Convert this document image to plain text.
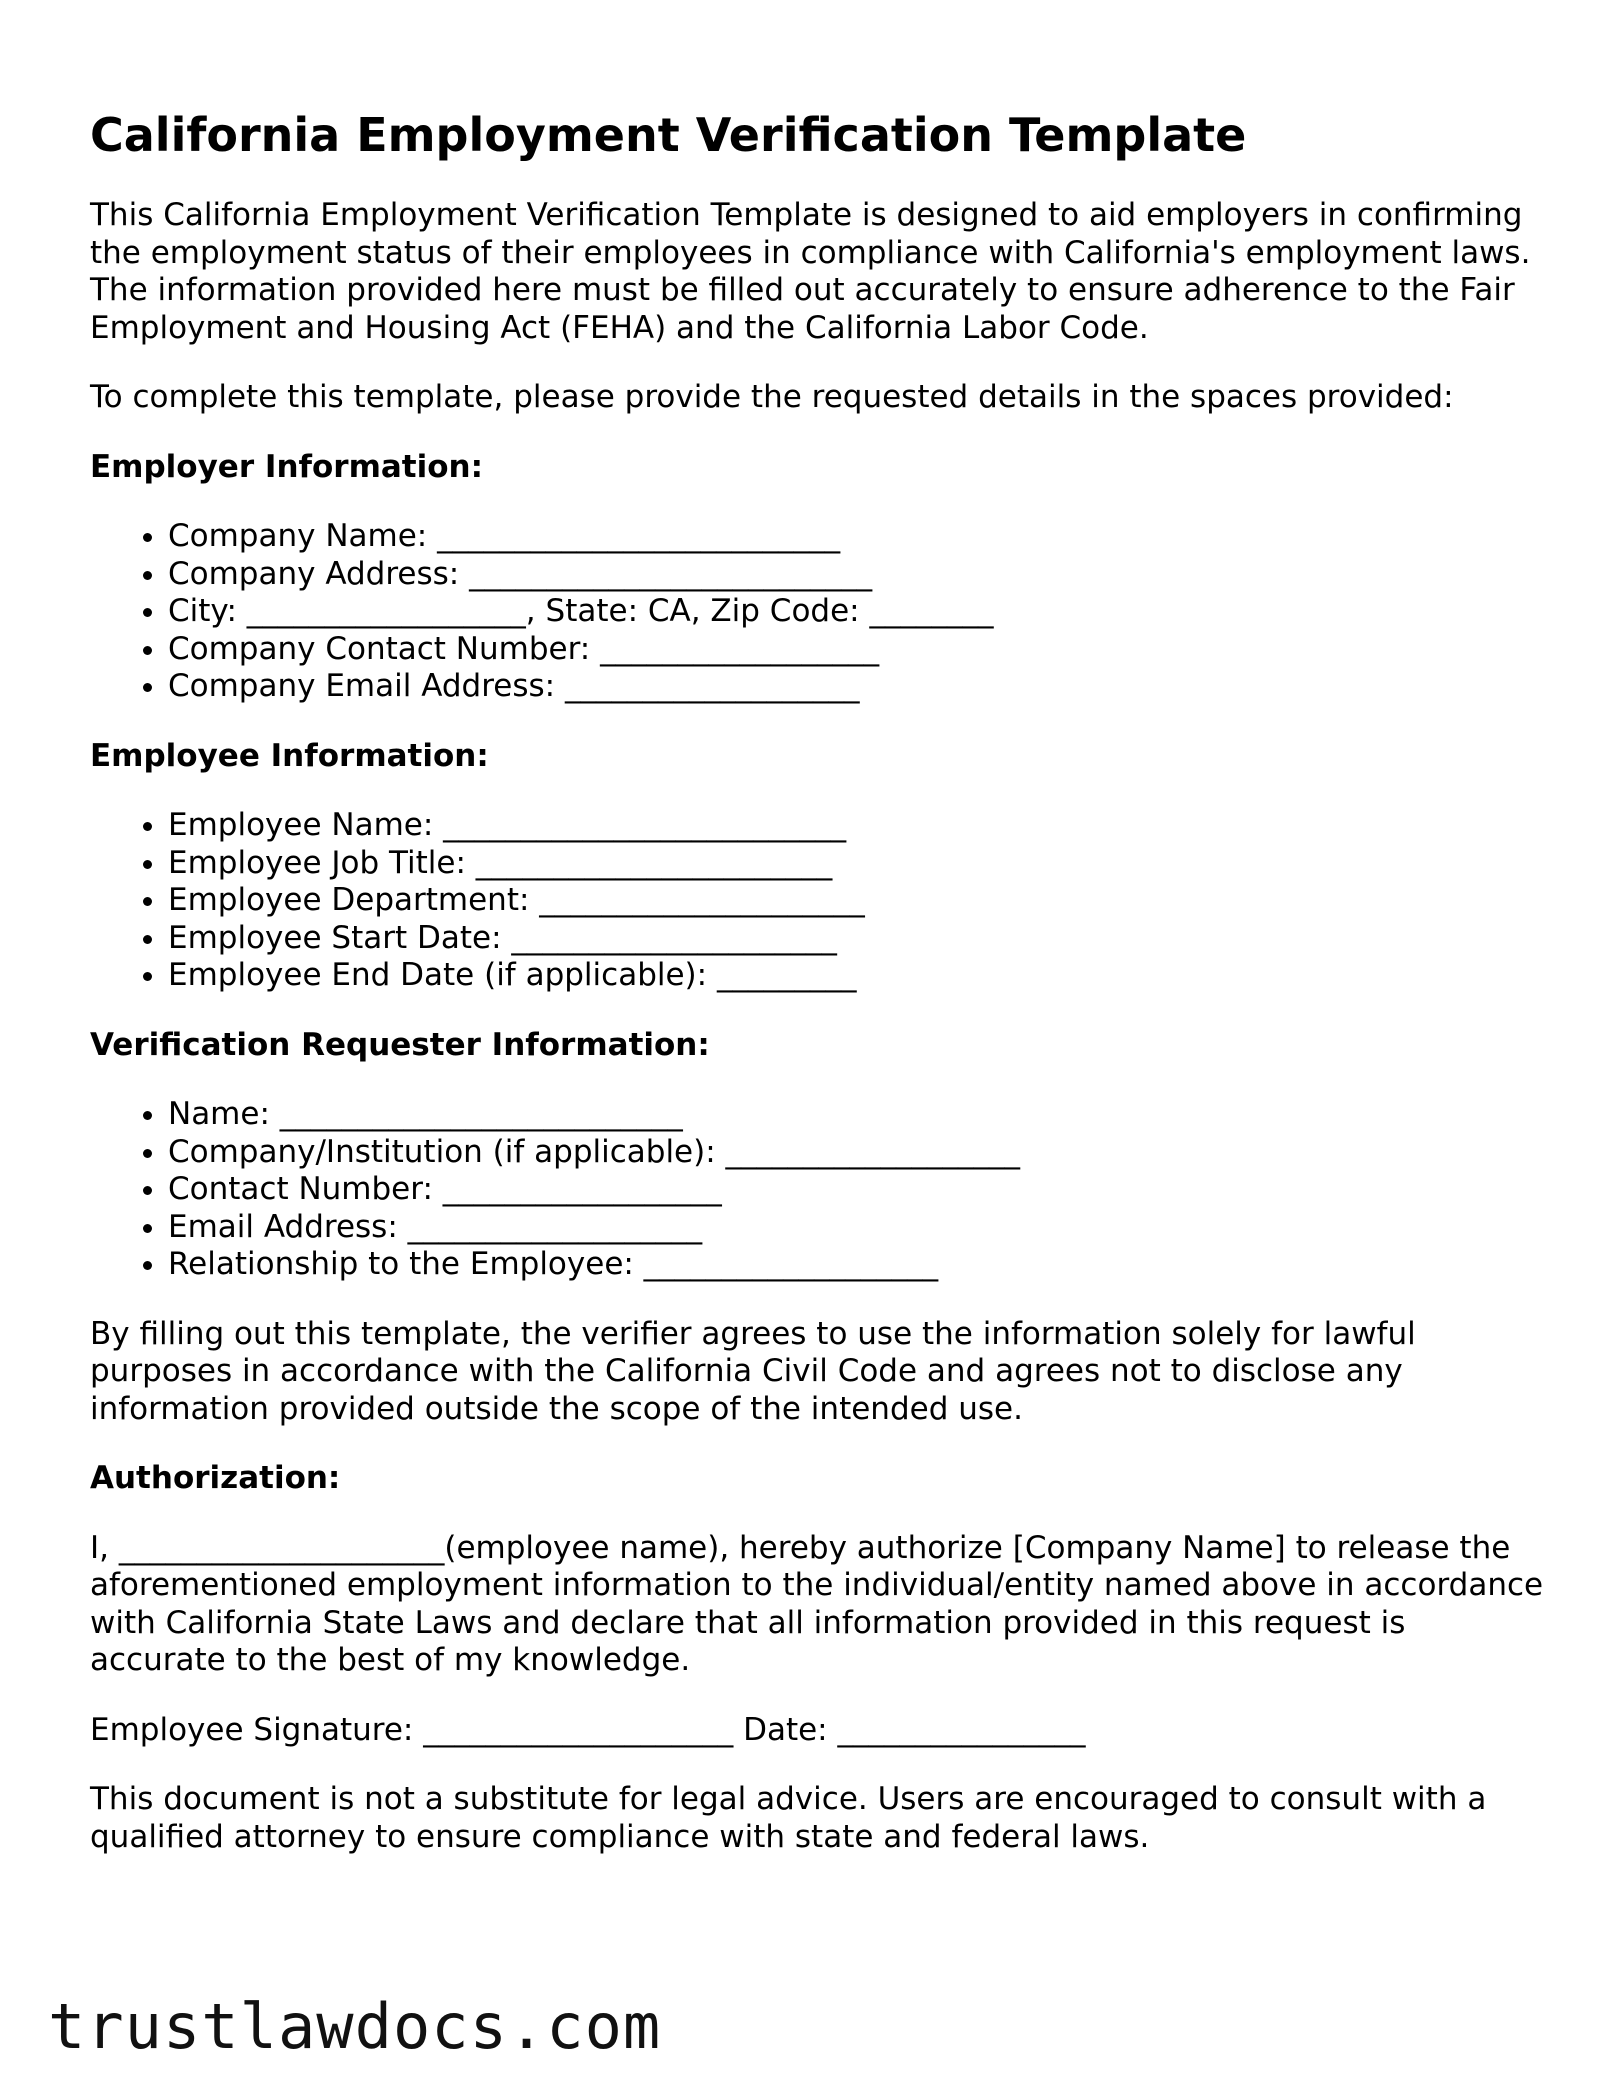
California Employment Verification Template

This California Employment Verification Template is designed to aid employers in confirming the employment status of their employees in compliance with California's employment laws. The information provided here must be filled out accurately to ensure adherence to the Fair Employment and Housing Act (FEHA) and the California Labor Code.

To complete this template, please provide the requested details in the spaces provided:

Employer Information:

• Company Name: __________________________
• Company Address: __________________________
• City: __________________, State: CA, Zip Code: ________
• Company Contact Number: __________________
• Company Email Address: ___________________

Employee Information:

• Employee Name: __________________________
• Employee Job Title: _______________________
• Employee Department: _____________________
• Employee Start Date: _____________________
• Employee End Date (if applicable): _________

Verification Requester Information:

• Name: __________________________
• Company/Institution (if applicable): ___________________
• Contact Number: __________________
• Email Address: ___________________
• Relationship to the Employee: ___________________

By filling out this template, the verifier agrees to use the information solely for lawful purposes in accordance with the California Civil Code and agrees not to disclose any information provided outside the scope of the intended use.

Authorization:

I, _____________________(employee name), hereby authorize [Company Name] to release the aforementioned employment information to the individual/entity named above in accordance with California State Laws and declare that all information provided in this request is accurate to the best of my knowledge.

Employee Signature: ____________________ Date: ________________

This document is not a substitute for legal advice. Users are encouraged to consult with a qualified attorney to ensure compliance with state and federal laws.

trustlawdocs.com
